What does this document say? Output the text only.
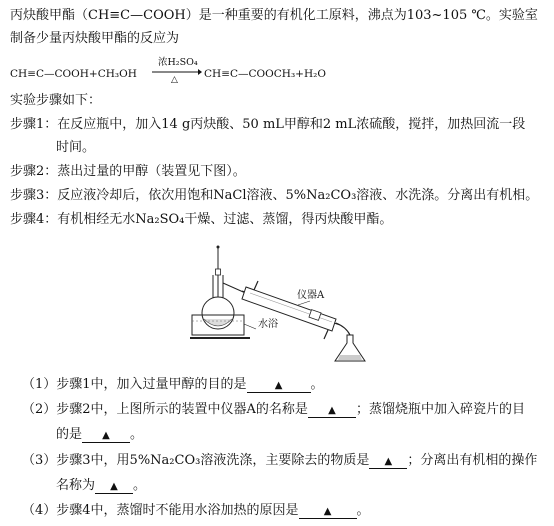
丙炔酸甲酯（CH≡C—COOH）是一种重要的有机化工原料，沸点为103~105 ℃。实验室
制备少量丙炔酸甲酯的反应为
CH≡C—COOH+CH₃OH
浓H₂SO₄
△ CH≡C—COOCH₃+H₂O
实验步骤如下：
步骤1：在反应瓶中，加入14 g丙炔酸、50 mL甲醇和2 mL浓硫酸，搅拌，加热回流一段
时间。
步骤2：蒸出过量的甲醇（装置见下图）。
步骤3：反应液冷却后，依次用饱和NaCl溶液、5%Na₂CO₃溶液、水洗涤。分离出有机相。
步骤4：有机相经无水Na₂SO₄干燥、过滤、蒸馏，得丙炔酸甲酯。
仪器A
水浴
（1）步骤1中，加入过量甲醇的目的是	▲ 。
（2）步骤2中，上图所示的装置中仪器A的名称是 ▲ ；蒸馏烧瓶中加入碎瓷片的目
的是 ▲ 。
（3）步骤3中，用5%Na₂CO₃溶液洗涤，主要除去的物质是 ▲ ；分离出有机相的操作
名称为 ▲ 。
（4）步骤4中，蒸馏时不能用水浴加热的原因是	▲ 。
